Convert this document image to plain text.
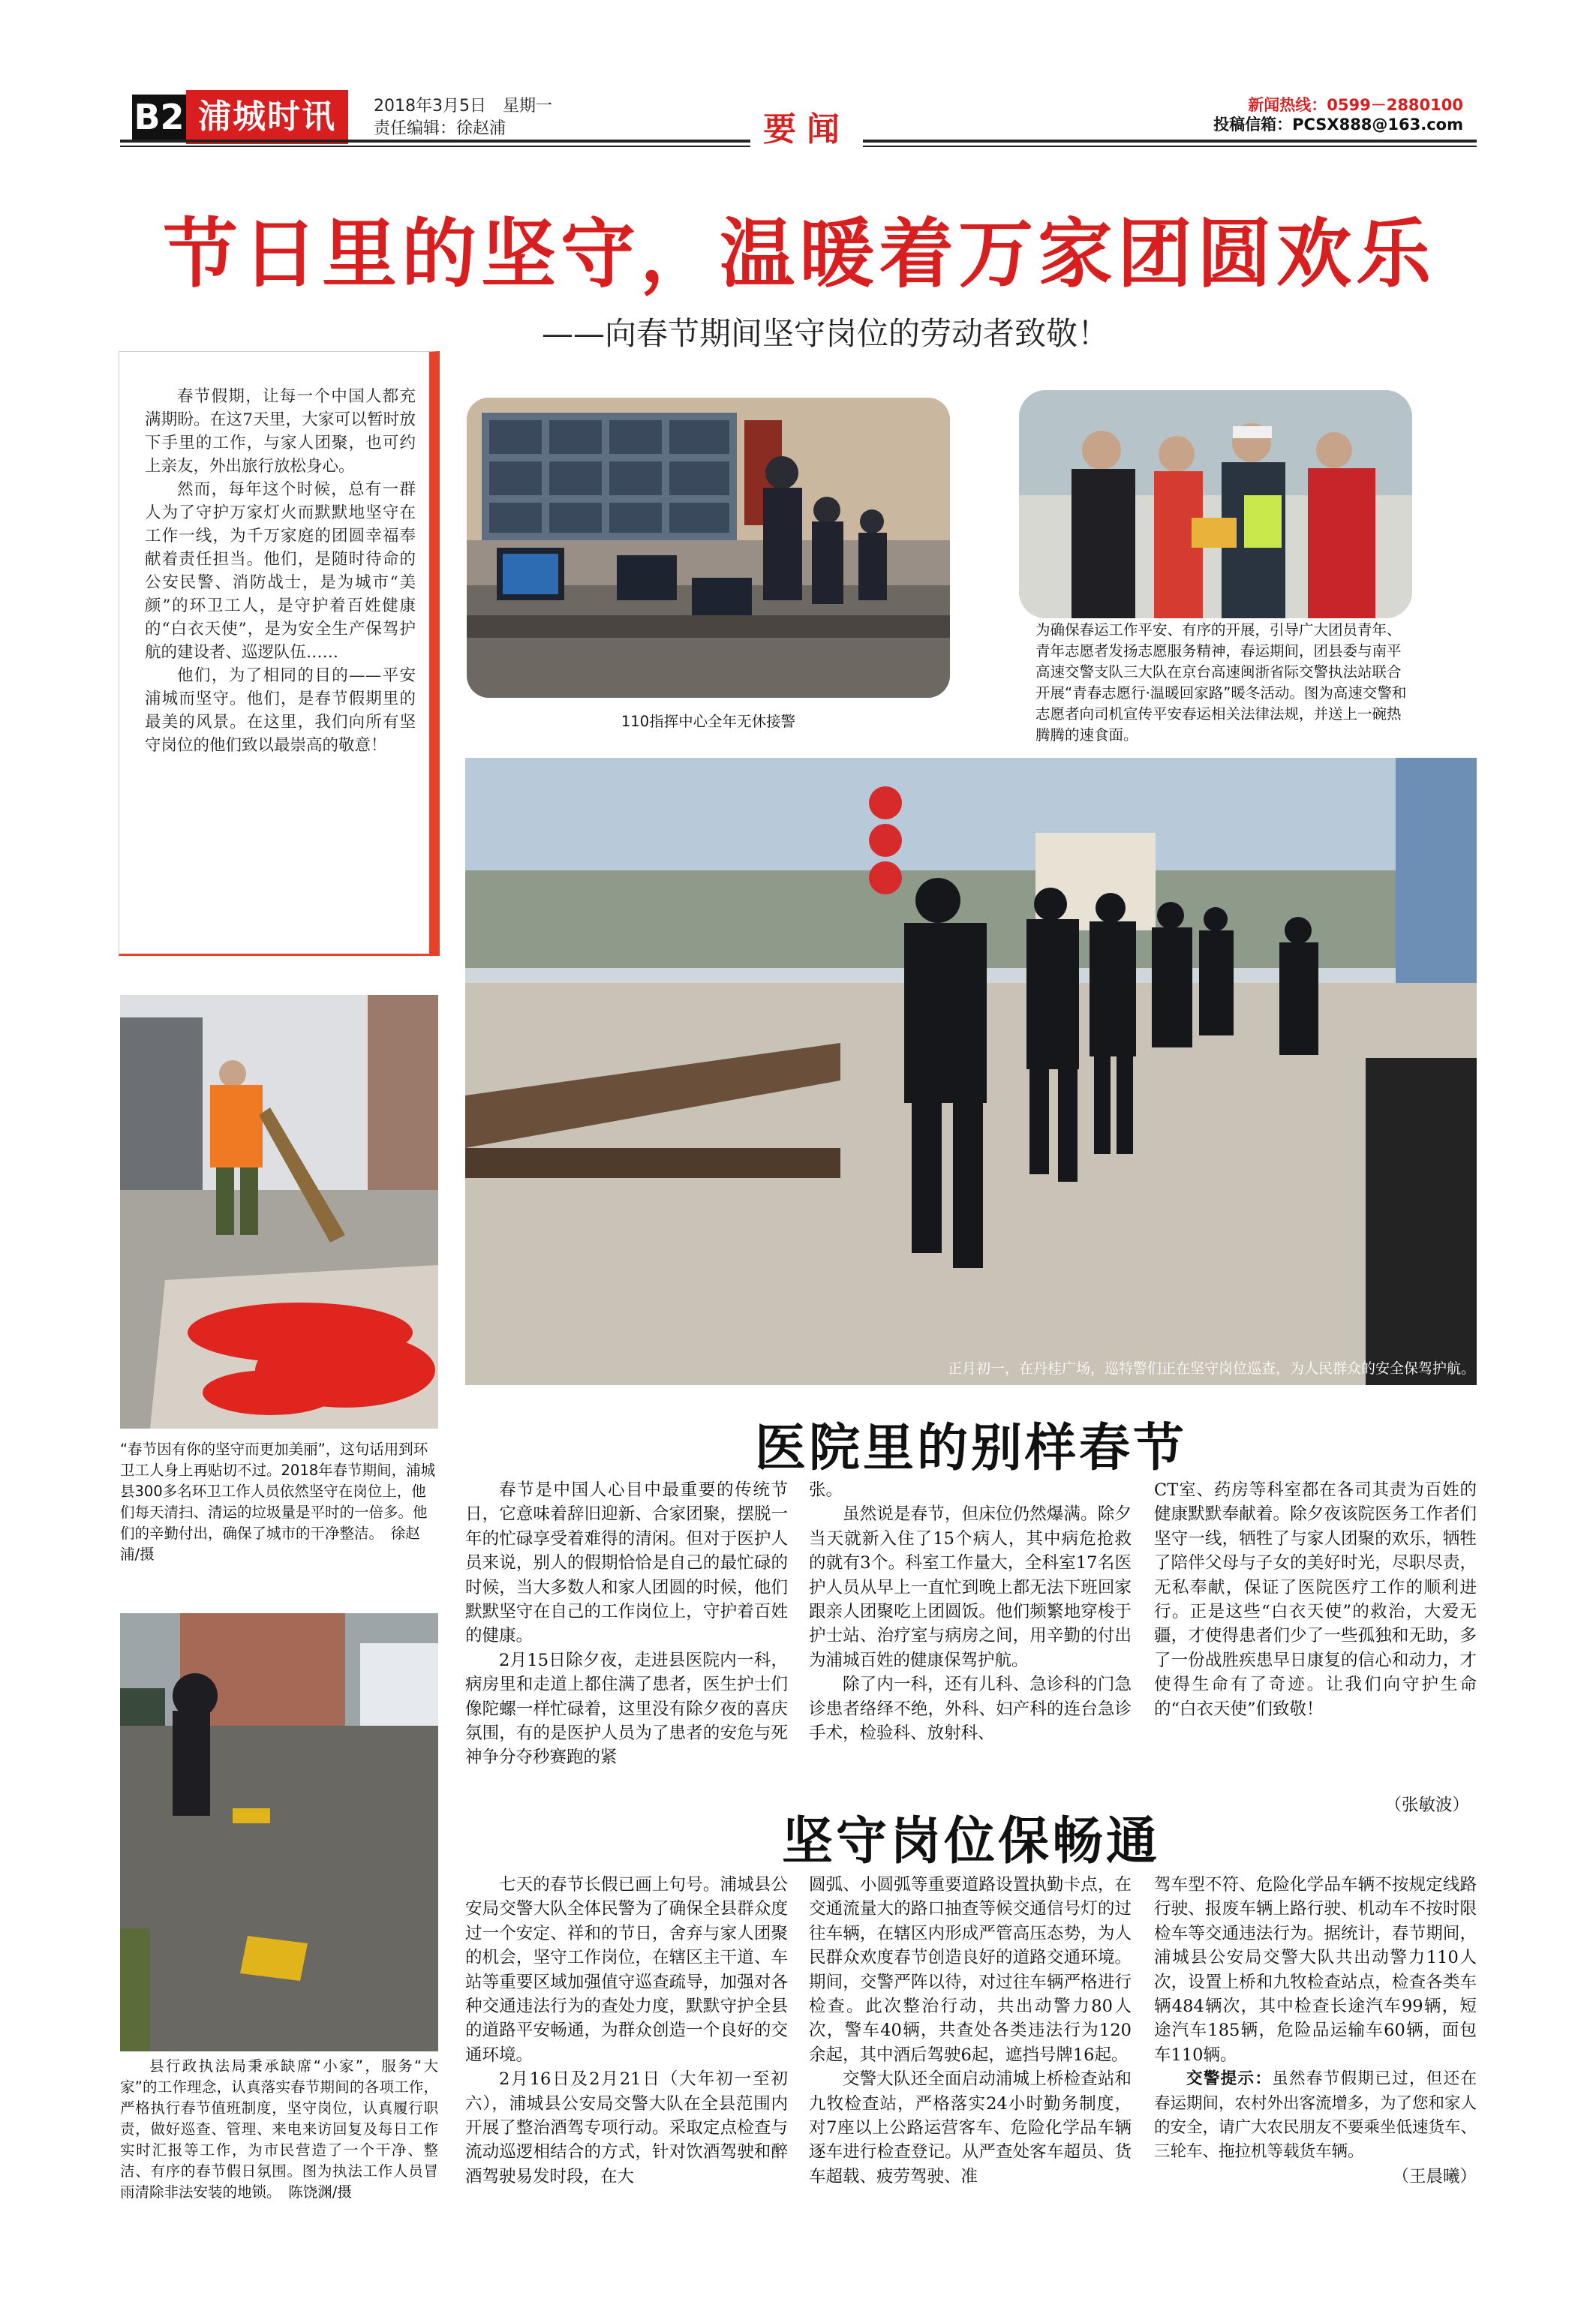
B2 浦城时讯	2018年3月5日　星期一
责任编辑：徐赵浦
新闻热线：0599－2880100
投稿信箱：PCSX888@163.com
要闻
节日里的坚守，温暖着万家团圆欢乐
——向春节期间坚守岗位的劳动者致敬！

春节假期，让每一个中国人都充满期盼。在这7天里，大家可以暂时放下手里的工作，与家人团聚，也可约上亲友，外出旅行放松身心。

然而，每年这个时候，总有一群人为了守护万家灯火而默默地坚守在工作一线，为千万家庭的团圆幸福奉献着责任担当。他们，是随时待命的公安民警、消防战士，是为城市“美颜”的环卫工人，是守护着百姓健康的“白衣天使”，是为安全生产保驾护航的建设者、巡逻队伍……

他们，为了相同的目的——平安浦城而坚守。他们，是春节假期里的最美的风景。在这里，我们向所有坚守岗位的他们致以最崇高的敬意！

110指挥中心全年无休接警
为确保春运工作平安、有序的开展，引导广大团员青年、青年志愿者发扬志愿服务精神，春运期间，团县委与南平高速交警支队三大队在京台高速闽浙省际交警执法站联合开展“青春志愿行·温暖回家路”暖冬活动。图为高速交警和志愿者向司机宣传平安春运相关法律法规，并送上一碗热腾腾的速食面。
正月初一，在丹桂广场，巡特警们正在坚守岗位巡查，为人民群众的安全保驾护航。
“春节因有你的坚守而更加美丽”，这句话用到环卫工人身上再贴切不过。2018年春节期间，浦城县300多名环卫工作人员依然坚守在岗位上，他们每天清扫、清运的垃圾量是平时的一倍多。他们的辛勤付出，确保了城市的干净整洁。　 徐赵浦/摄
县行政执法局秉承缺席“小家”，服务“大家”的工作理念，认真落实春节期间的各项工作，严格执行春节值班制度，坚守岗位，认真履行职责，做好巡查、管理、来电来访回复及每日工作实时汇报等工作，为市民营造了一个干净、整洁、有序的春节假日氛围。图为执法工作人员冒雨清除非法安装的地锁。　 陈饶渊/摄
医院里的别样春节

春节是中国人心目中最重要的传统节日，它意味着辞旧迎新、合家团聚，摆脱一年的忙碌享受着难得的清闲。但对于医护人员来说，别人的假期恰恰是自己的最忙碌的时候，当大多数人和家人团圆的时候，他们默默坚守在自己的工作岗位上，守护着百姓的健康。

2月15日除夕夜，走进县医院内一科，病房里和走道上都住满了患者，医生护士们像陀螺一样忙碌着，这里没有除夕夜的喜庆氛围，有的是医护人员为了患者的安危与死神争分夺秒赛跑的紧

张。

虽然说是春节，但床位仍然爆满。除夕当天就新入住了15个病人，其中病危抢救的就有3个。科室工作量大，全科室17名医护人员从早上一直忙到晚上都无法下班回家跟亲人团聚吃上团圆饭。他们频繁地穿梭于护士站、治疗室与病房之间，用辛勤的付出为浦城百姓的健康保驾护航。

除了内一科，还有儿科、急诊科的门急诊患者络绎不绝，外科、妇产科的连台急诊手术，检验科、放射科、

CT室、药房等科室都在各司其责为百姓的健康默默奉献着。除夕夜该院医务工作者们坚守一线，牺牲了与家人团聚的欢乐，牺牲了陪伴父母与子女的美好时光，尽职尽责，无私奉献，保证了医院医疗工作的顺利进行。正是这些“白衣天使”的救治，大爱无疆，才使得患者们少了一些孤独和无助，多了一份战胜疾患早日康复的信心和动力，才使得生命有了奇迹。让我们向守护生命的“白衣天使”们致敬！

（张敏波）
坚守岗位保畅通

七天的春节长假已画上句号。浦城县公安局交警大队全体民警为了确保全县群众度过一个安定、祥和的节日，舍弃与家人团聚的机会，坚守工作岗位，在辖区主干道、车站等重要区域加强值守巡查疏导，加强对各种交通违法行为的查处力度，默默守护全县的道路平安畅通，为群众创造一个良好的交通环境。

2月16日及2月21日（大年初一至初六），浦城县公安局交警大队在全县范围内开展了整治酒驾专项行动。采取定点检查与流动巡逻相结合的方式，针对饮酒驾驶和醉酒驾驶易发时段，在大

圆弧、小圆弧等重要道路设置执勤卡点，在交通流量大的路口抽查等候交通信号灯的过往车辆，在辖区内形成严管高压态势，为人民群众欢度春节创造良好的道路交通环境。期间，交警严阵以待，对过往车辆严格进行检查。此次整治行动，共出动警力80人次，警车40辆，共查处各类违法行为120余起，其中酒后驾驶6起，遮挡号牌16起。

交警大队还全面启动浦城上桥检查站和九牧检查站，严格落实24小时勤务制度，对7座以上公路运营客车、危险化学品车辆逐车进行检查登记。从严查处客车超员、货车超载、疲劳驾驶、准

驾车型不符、危险化学品车辆不按规定线路行驶、报废车辆上路行驶、机动车不按时限检车等交通违法行为。据统计，春节期间，浦城县公安局交警大队共出动警力110人次，设置上桥和九牧检查站点，检查各类车辆484辆次，其中检查长途汽车99辆，短途汽车185辆，危险品运输车60辆，面包车110辆。

交警提示：虽然春节假期已过，但还在春运期间，农村外出客流增多，为了您和家人的安全，请广大农民朋友不要乘坐低速货车、三轮车、拖拉机等载货车辆。

（王晨曦）
